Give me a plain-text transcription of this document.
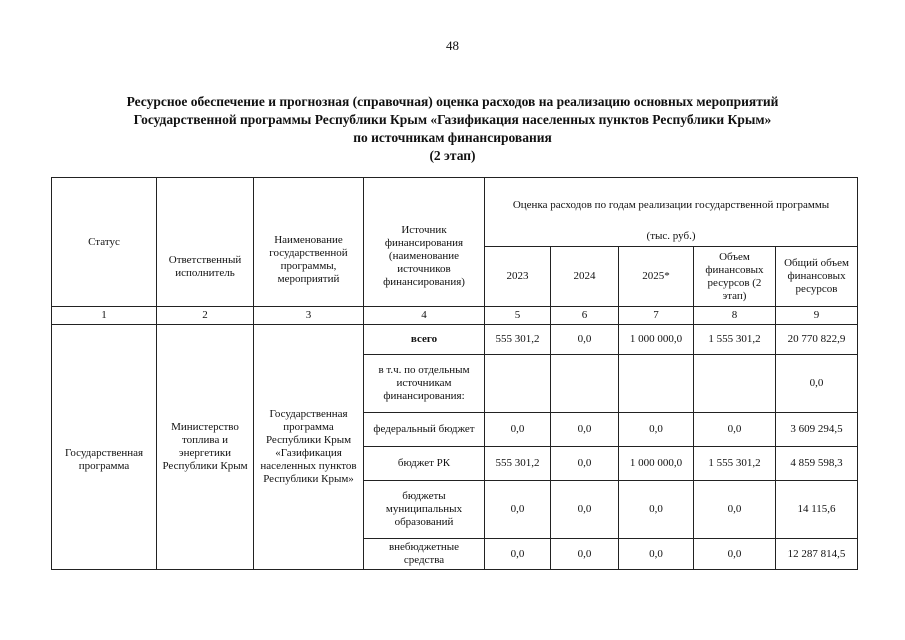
48
Ресурсное обеспечение и прогнозная (справочная) оценка расходов на реализацию основных мероприятий
Государственной программы Республики Крым «Газификация населенных пунктов Республики Крым»
по источникам финансирования
(2 этап)
Статус	Ответственный исполнитель	Наименование государственной программы, мероприятий	Источник финансирования (наименование источников финансирования)	Оценка расходов по годам реализации государственной программы
(тыс. руб.)				

				2023	2024	2025*	Объем финансовых ресурсов (2 этап)	Общий объем финансовых ресурсов
1	2	3	4	5	6	7	8	9
Государственная программа	Министерство топлива и энергетики Республики Крым	Государственная программа Республики Крым «Газификация населенных пунктов Республики Крым»	всего	555 301,2	0,0	1 000 000,0	1 555 301,2	20 770 822,9
			в т.ч. по отдельным источникам финансирования:					0,0
			федеральный бюджет	0,0	0,0	0,0	0,0	3 609 294,5
			бюджет РК	555 301,2	0,0	1 000 000,0	1 555 301,2	4 859 598,3
			бюджеты муниципальных образований	0,0	0,0	0,0	0,0	14 115,6
			внебюджетные средства	0,0	0,0	0,0	0,0	12 287 814,5
